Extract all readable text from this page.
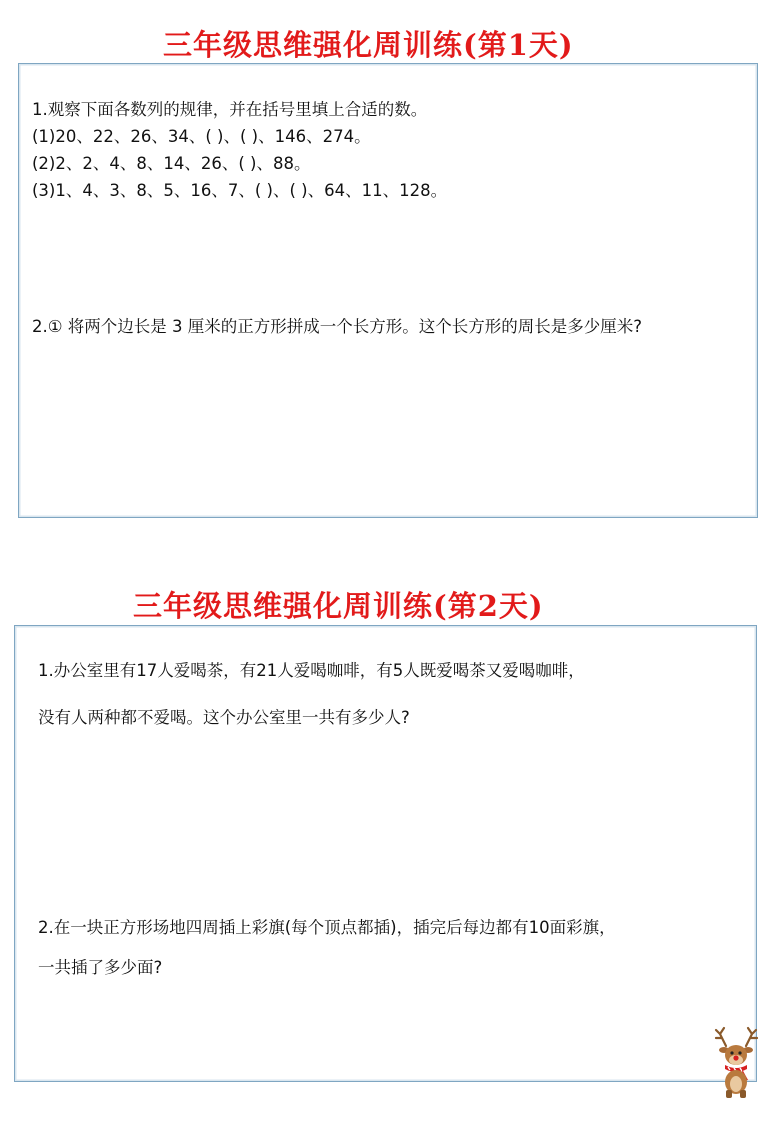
三年级思维强化周训练(第1天)
1.观察下面各数列的规律，并在括号里填上合适的数。
(1)20、22、26、34、( )、( )、146、274。
(2)2、2、4、8、14、26、( )、88。
(3)1、4、3、8、5、16、7、( )、( )、64、11、128。
2.① 将两个边长是 3 厘米的正方形拼成一个长方形。这个长方形的周长是多少厘米?
三年级思维强化周训练(第2天)
1.办公室里有17人爱喝茶，有21人爱喝咖啡，有5人既爱喝茶又爱喝咖啡，
没有人两种都不爱喝。这个办公室里一共有多少人?
2.在一块正方形场地四周插上彩旗(每个顶点都插)，插完后每边都有10面彩旗，
一共插了多少面?
